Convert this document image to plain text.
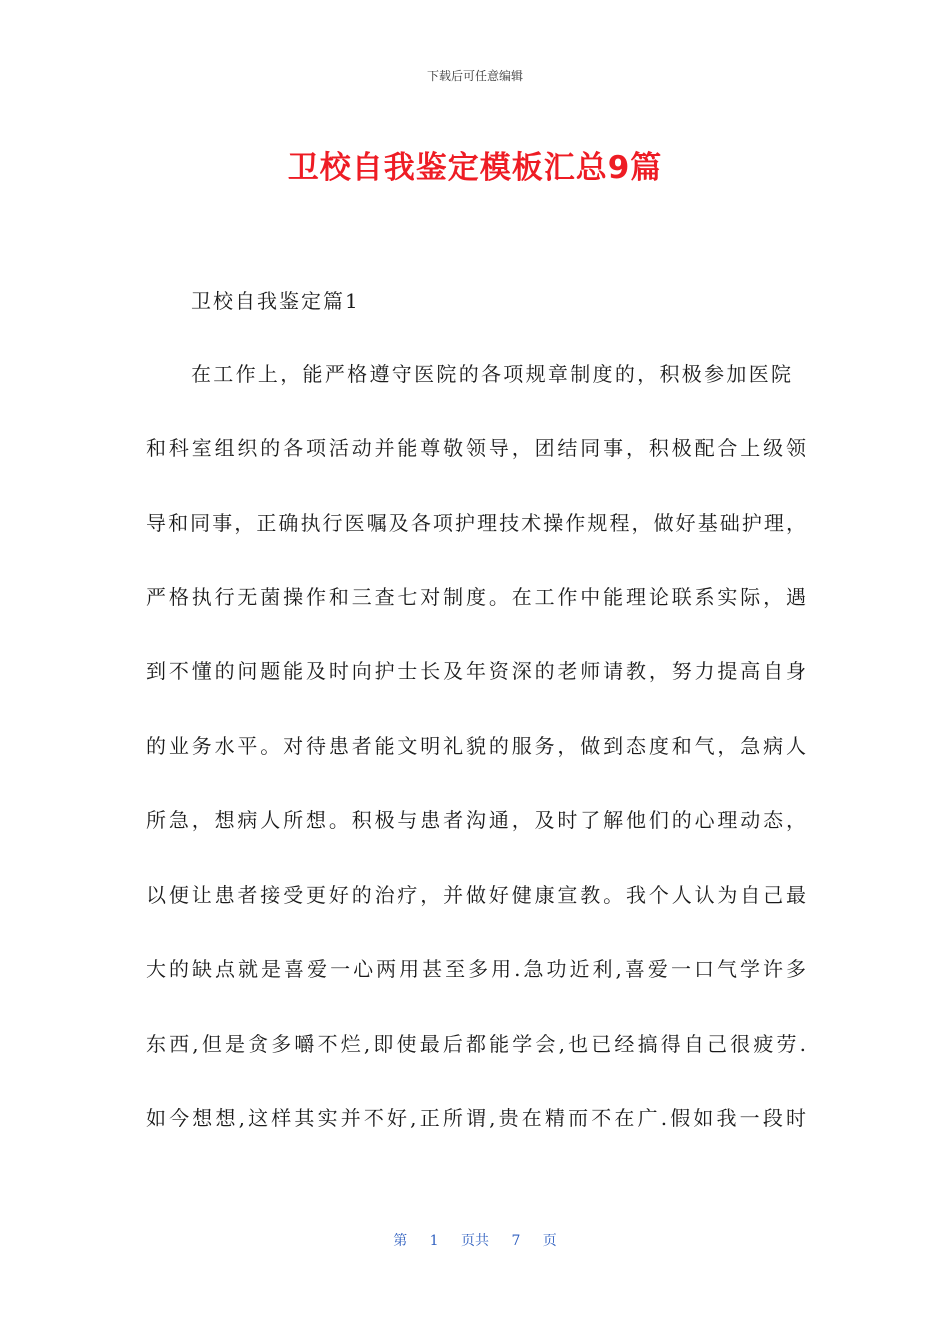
下载后可任意编辑
卫校自我鉴定模板汇总9篇
卫校自我鉴定篇1

在工作上，能严格遵守医院的各项规章制度的，积极参加医院

和科室组织的各项活动并能尊敬领导，团结同事，积极配合上级领

导和同事，正确执行医嘱及各项护理技术操作规程，做好基础护理，

严格执行无菌操作和三查七对制度。在工作中能理论联系实际，遇

到不懂的问题能及时向护士长及年资深的老师请教，努力提高自身

的业务水平。对待患者能文明礼貌的服务，做到态度和气，急病人

所急，想病人所想。积极与患者沟通，及时了解他们的心理动态，

以便让患者接受更好的治疗，并做好健康宣教。我个人认为自己最

大的缺点就是喜爱一心两用甚至多用.急功近利,喜爱一口气学许多

东西,但是贪多嚼不烂,即使最后都能学会,也已经搞得自己很疲劳.

如今想想,这样其实并不好,正所谓,贵在精而不在广.假如我一段时

第 1 页共 7 页
